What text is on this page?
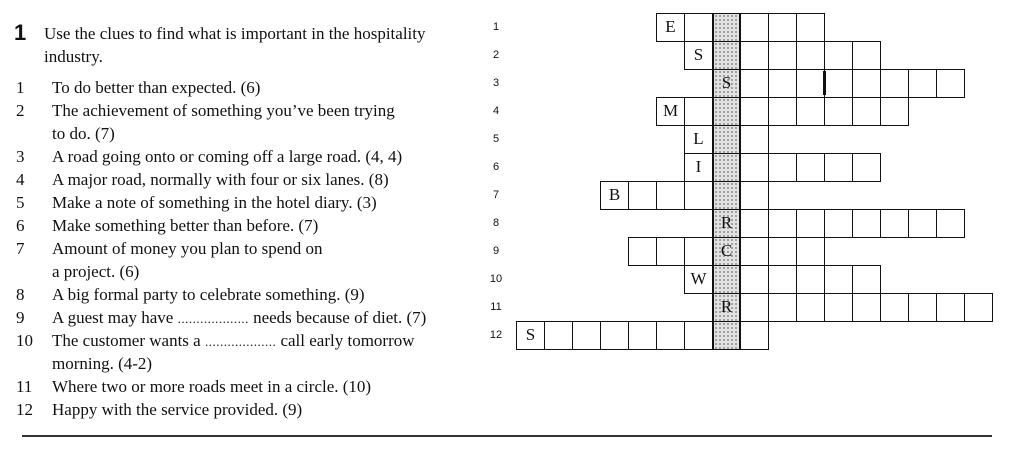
1 Use the clues to find what is important in the hospitality industry.
1	To do better than expected. (6)
2	The achievement of something you’ve been trying
to do. (7)
3	A road going onto or coming off a large road. (4, 4)
4	A major road, normally with four or six lanes. (8)
5	Make a note of something in the hotel diary. (3)
6	Make something better than before. (7)
7	Amount of money you plan to spend on
a project. (6)
8	A big formal party to celebrate something. (9)
9	A guest may have ................... needs because of diet. (7)
10 The customer wants a ................... call early tomorrow
morning. (4-2)
11	Where two or more roads meet in a circle. (10)
12 Happy with the service provided. (9)
1	E
2	S
3	S
4	M
5	L
6	I
7	B
8	R
9	C
10	W
11	R
12	S
